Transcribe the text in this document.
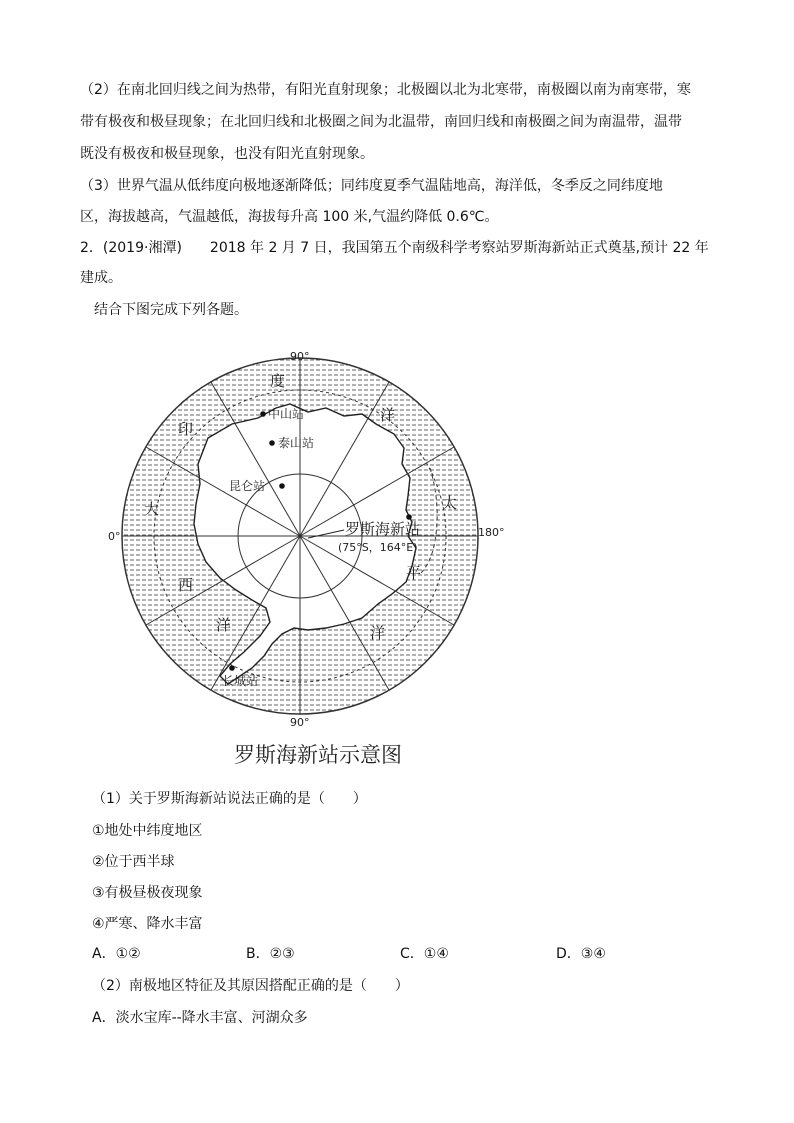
（2）在南北回归线之间为热带，有阳光直射现象；北极圈以北为北寒带，南极圈以南为南寒带，寒
带有极夜和极昼现象；在北回归线和北极圈之间为北温带，南回归线和南极圈之间为南温带，温带
既没有极夜和极昼现象，也没有阳光直射现象。
（3）世界气温从低纬度向极地逐渐降低；同纬度夏季气温陆地高，海洋低，冬季反之同纬度地
区，海拔越高，气温越低，海拔每升高 100 米,气温约降低 0.6℃。
2．(2019·湘潭)　　2018 年 2 月 7 日，我国第五个南级科学考察站罗斯海新站正式奠基,预计 22 年
建成。
　结合下图完成下列各题。
90°
90°
0°	180°
度
印
洋
大	太
西
平
洋	洋
中山站
泰山站
昆仑站
罗斯海新站
(75°S，164°E)
长城站
罗斯海新站示意图
（1）关于罗斯海新站说法正确的是（　　）
①地处中纬度地区
②位于西半球
③有极昼极夜现象
④严寒、降水丰富
A．①②	B．②③	C．①④	D．③④
（2）南极地区特征及其原因搭配正确的是（　　）
A．淡水宝库--降水丰富、河湖众多
